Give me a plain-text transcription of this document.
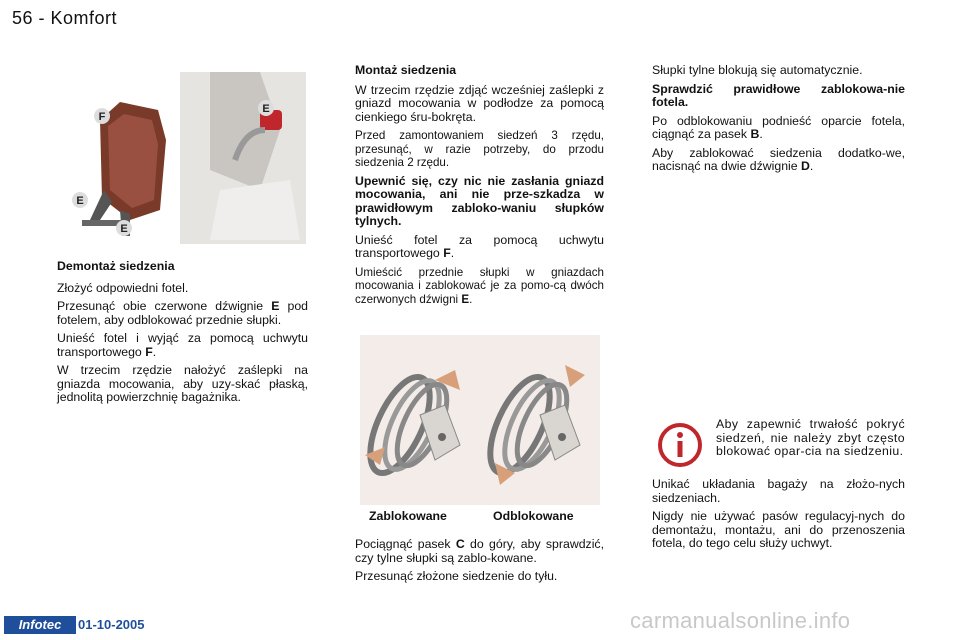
56 - Komfort
F
E
E
E

Demontaż siedzenia

Złożyć odpowiedni fotel.

Przesunąć obie czerwone dźwignie E pod fotelem, aby odblokować przednie słupki.

Unieść fotel i wyjąć za pomocą uchwytu transportowego F.

W trzecim rzędzie nałożyć zaślepki na gniazda mocowania, aby uzy-skać płaską, jednolitą powierzchnię bagażnika.

Montaż siedzenia

W trzecim rzędzie zdjąć wcześniej zaślepki z gniazd mocowania w podłodze za pomocą cienkiego śru-bokręta.

Przed zamontowaniem siedzeń 3 rzędu, przesunąć, w razie potrzeby, do przodu siedzenia 2 rzędu.

Upewnić się, czy nic nie zasłania gniazd mocowania, ani nie prze-szkadza w prawidłowym zabloko-waniu słupków tylnych.

Unieść fotel za pomocą uchwytu transportowego F.

Umieścić przednie słupki w gniazdach mocowania i zablokować je za pomo-cą dwóch czerwonych dźwigni E.

Zablokowane	Odblokowane

Pociągnąć pasek C do góry, aby sprawdzić, czy tylne słupki są zablo-kowane.

Przesunąć złożone siedzenie do tyłu.

Słupki tylne blokują się automatycznie.

Sprawdzić prawidłowe zablokowa-nie fotela.

Po odblokowaniu podnieść oparcie fotela, ciągnąć za pasek B.

Aby zablokować siedzenia dodatko-we, nacisnąć na dwie dźwignie D.

Aby zapewnić trwałość pokryć siedzeń, nie należy zbyt często blokować opar-cia na siedzeniu.

Unikać układania bagaży na złożo-nych siedzeniach.

Nigdy nie używać pasów regulacyj-nych do demontażu, montażu, ani do przenoszenia fotela, do tego celu służy uchwyt.

Infotec	01-10-2005	carmanualsonline.info
